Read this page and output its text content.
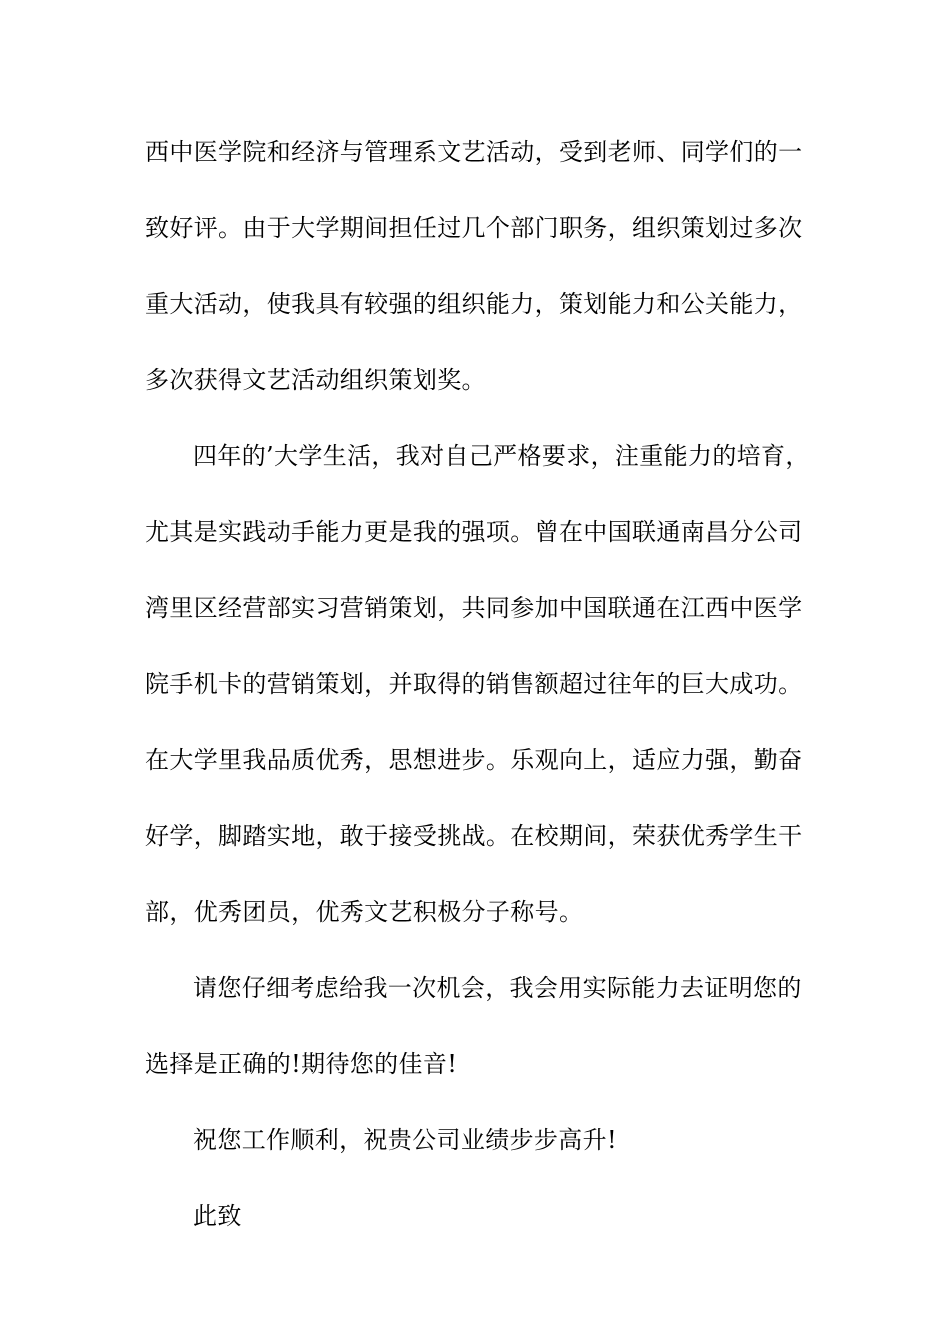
西中医学院和经济与管理系文艺活动，受到老师、同学们的一
致好评。由于大学期间担任过几个部门职务，组织策划过多次
重大活动，使我具有较强的组织能力，策划能力和公关能力，
多次获得文艺活动组织策划奖。
四年的’大学生活，我对自己严格要求，注重能力的培育，
尤其是实践动手能力更是我的强项。曾在中国联通南昌分公司
湾里区经营部实习营销策划，共同参加中国联通在江西中医学
院手机卡的营销策划，并取得的销售额超过往年的巨大成功。
在大学里我品质优秀，思想进步。乐观向上，适应力强，勤奋
好学，脚踏实地，敢于接受挑战。在校期间，荣获优秀学生干
部，优秀团员，优秀文艺积极分子称号。
请您仔细考虑给我一次机会，我会用实际能力去证明您的
选择是正确的!期待您的佳音!
祝您工作顺利，祝贵公司业绩步步高升!
此致
